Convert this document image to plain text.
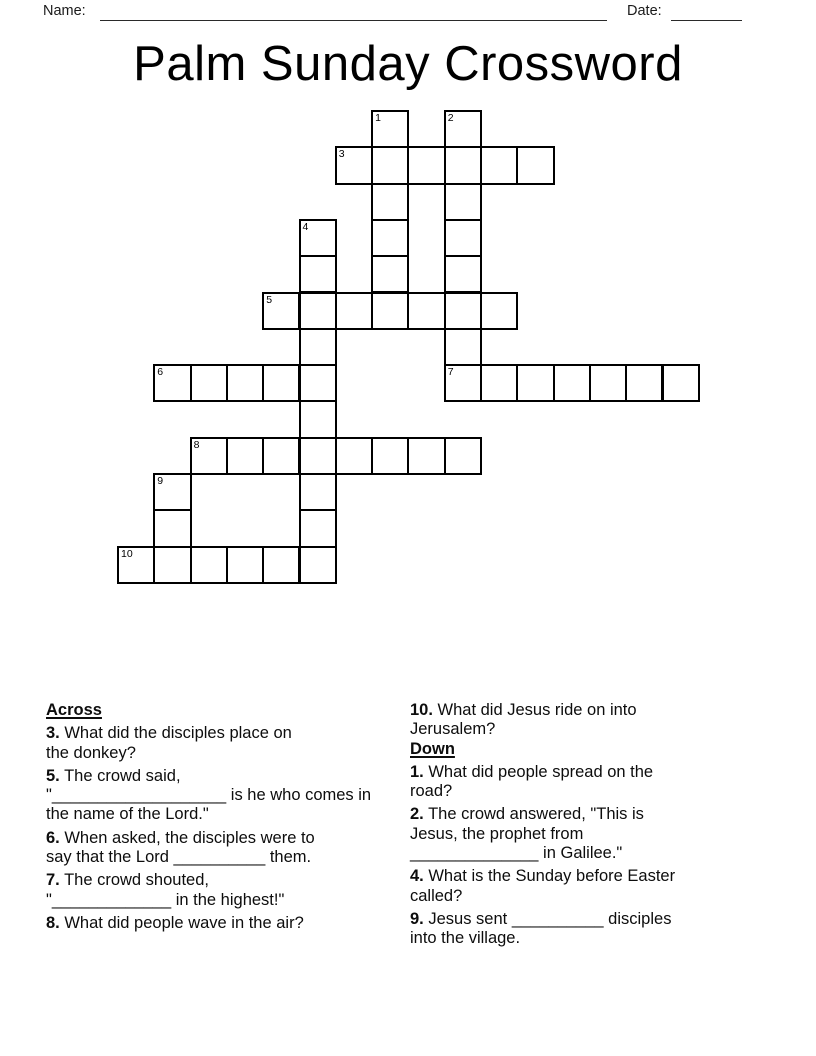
Name:	Date:
Palm Sunday Crossword
1	2
3
4
5
6	7
8
9
10
Across

3. What did the disciples place on
the donkey?

5. The crowd said,
"___________________ is he who comes in
the name of the Lord."

6. When asked, the disciples were to
say that the Lord __________ them.

7. The crowd shouted,
"_____________ in the highest!"

8. What did people wave in the air?

10. What did Jesus ride on into
Jerusalem?

Down

1. What did people spread on the
road?

2. The crowd answered, "This is
Jesus, the prophet from
______________ in Galilee."

4. What is the Sunday before Easter
called?

9. Jesus sent __________ disciples
into the village.
